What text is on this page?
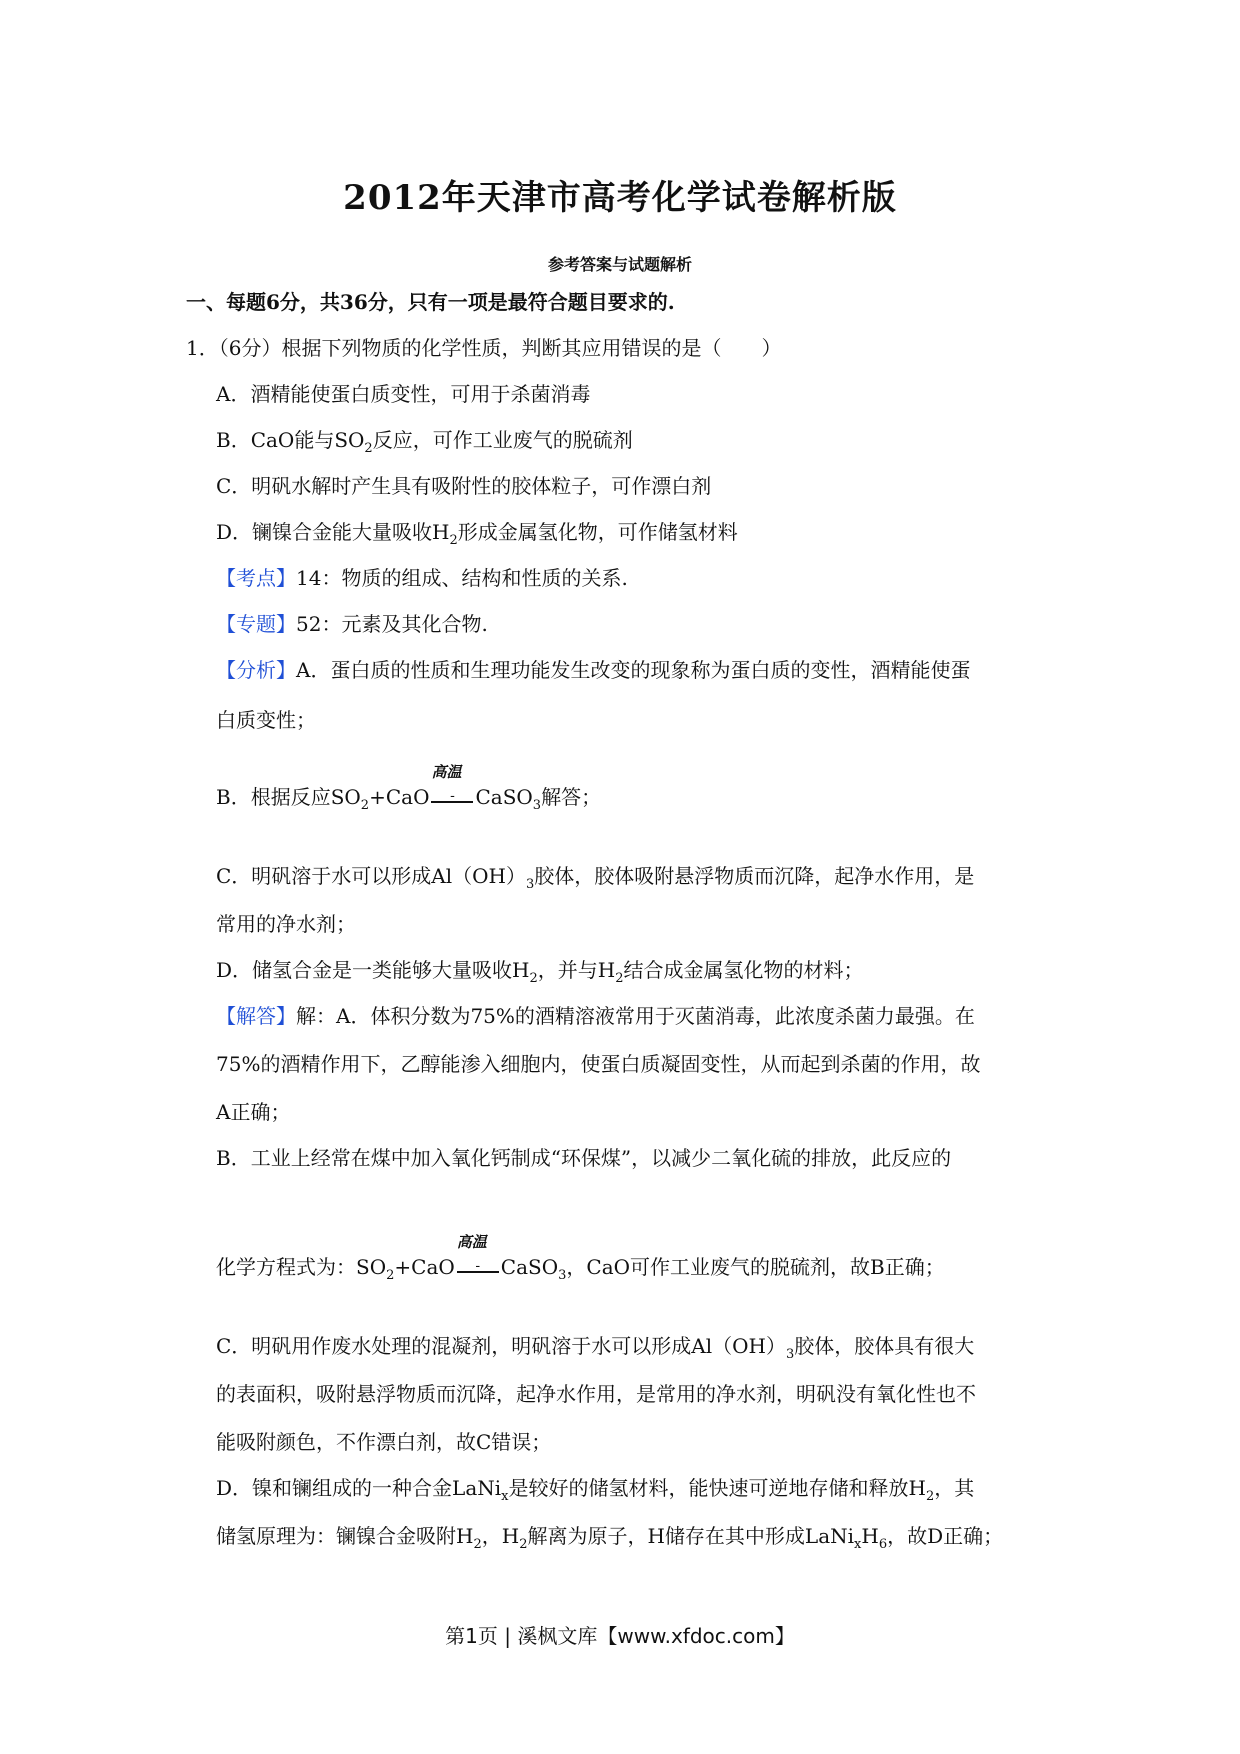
2012年天津市高考化学试卷解析版
参考答案与试题解析
一、每题6分，共36分，只有一项是最符合题目要求的.
1．（6分）根据下列物质的化学性质，判断其应用错误的是（　　）
A．酒精能使蛋白质变性，可用于杀菌消毒
B．CaO能与$SO_2$反应，可作工业废气的脱硫剂
C．明矾水解时产生具有吸附性的胶体粒子，可作漂白剂
D．镧镍合金能大量吸收$H_2$形成金属氢化物，可作储氢材料
【考点】14：物质的组成、结构和性质的关系.
【专题】52：元素及其化合物.
【分析】A．蛋白质的性质和生理功能发生改变的现象称为蛋白质的变性，酒精能使蛋
白质变性；
B．根据反应$SO_2+CaO$
高温
-	CaSO$_3$解答；
C．明矾溶于水可以形成$Al(OH)_3$胶体，胶体吸附悬浮物质而沉降，起净水作用，是
常用的净水剂；
D．储氢合金是一类能够大量吸收$H_2$，并与$H_2$结合成金属氢化物的材料；
【解答】解：A．体积分数为75%的酒精溶液常用于灭菌消毒，此浓度杀菌力最强。在
75%的酒精作用下，乙醇能渗入细胞内，使蛋白质凝固变性，从而起到杀菌的作用，故
A正确；
B．工业上经常在煤中加入氧化钙制成“环保煤”，以减少二氧化硫的排放，此反应的
化学方程式为：$SO_2+CaO$
高温
-	CaSO$_3$，CaO可作工业废气的脱硫剂，故B正确；
C．明矾用作废水处理的混凝剂，明矾溶于水可以形成$Al(OH)_3$胶体，胶体具有很大
的表面积，吸附悬浮物质而沉降，起净水作用，是常用的净水剂，明矾没有氧化性也不
能吸附颜色，不作漂白剂，故C错误；
D．镍和镧组成的一种合金LaNi$_x$是较好的储氢材料，能快速可逆地存储和释放$H_2$，其
储氢原理为：镧镍合金吸附$H_2$，$H_2$解离为原子，H储存在其中形成$LaNi_xH_6$，故D正确；
第1页 | 溪枫文库【www.xfdoc.com】
